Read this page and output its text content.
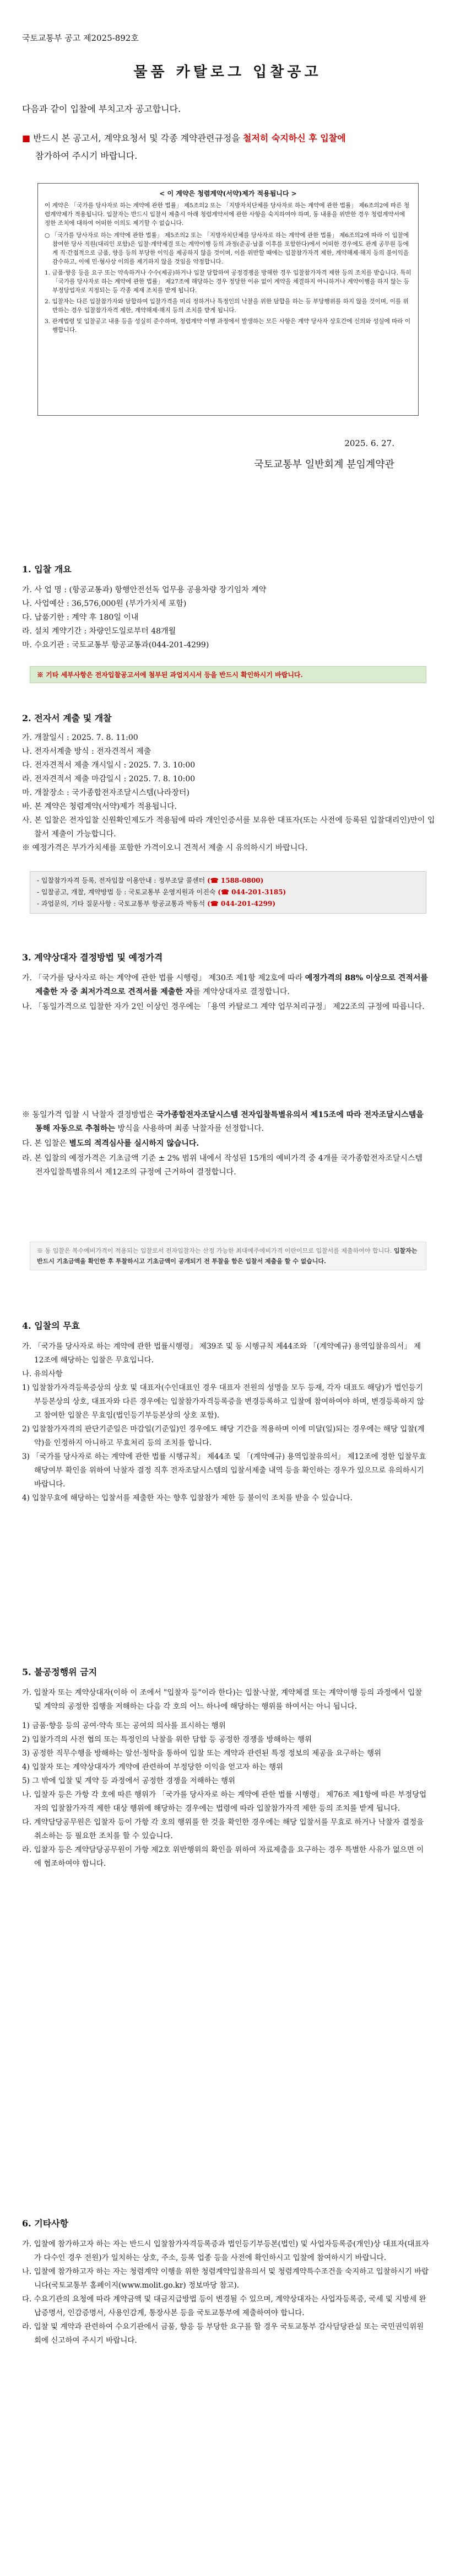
국토교통부 공고 제2025-892호
물품 카탈로그 입찰공고
다음과 같이 입찰에 부치고자 공고합니다.
■ 반드시 본 공고서, 계약요청서 및 각종 계약관련규정을 철저히 숙지하신 후 입찰에
참가하여 주시기 바랍니다.
< 이 계약은 청렴계약(서약)제가 적용됩니다 >

이 계약은 「국가를 당사자로 하는 계약에 관한 법률」 제5조의2 또는 「지방자치단체를 당사자로 하는 계약에 관한 법률」 제6조의2에 따른 청렴계약제가 적용됩니다. 입찰자는 반드시 입찰서 제출시 아래 청렴계약서에 관한 사항을 숙지하여야 하며, 동 내용을 위반한 경우 청렴계약서에 정한 조치에 대하여 어떠한 이의도 제기할 수 없습니다.

○ 「국가를 당사자로 하는 계약에 관한 법률」 제5조의2 또는 「지방자치단체를 당사자로 하는 계약에 관한 법률」 제6조의2에 따라 이 입찰에 참여한 당사 직원(대리인 포함)은 입찰·계약체결 또는 계약이행 등의 과정(준공·납품 이후를 포함한다)에서 어떠한 경우에도 관계 공무원 등에게 직·간접적으로 금품, 향응 등의 부당한 이익을 제공하지 않을 것이며, 이를 위반할 때에는 입찰참가자격 제한, 계약해제·해지 등의 불이익을 감수하고, 이에 민·형사상 이의를 제기하지 않을 것임을 약정합니다.
1. 금품·향응 등을 요구 또는 약속하거나 수수(제공)하거나 입찰 담합하여 공정경쟁을 방해한 경우 입찰참가자격 제한 등의 조치를 받습니다. 특히 「국가를 당사자로 하는 계약에 관한 법률」 제27조에 해당하는 경우 정당한 이유 없이 계약을 체결하지 아니하거나 계약이행을 하지 않는 등 부정당업자로 지정되는 등 각종 제재 조치를 받게 됩니다.
2. 입찰자는 다른 입찰참가자와 담합하여 입찰가격을 미리 정하거나 특정인의 낙찰을 위한 담합을 하는 등 부당행위를 하지 않을 것이며, 이를 위반하는 경우 입찰참가자격 제한, 계약해제·해지 등의 조치를 받게 됩니다.
3. 관계법령 및 입찰공고 내용 등을 성실히 준수하며, 청렴계약 이행 과정에서 발생하는 모든 사항은 계약 당사자 상호간에 신의와 성실에 따라 이행합니다.
2025. 6. 27.
국토교통부 일반회계 분임계약관
1. 입찰 개요
가. 사 업 명 : (항공교통과) 항행안전선독 업무용 공용차량 장기임차 계약
나. 사업예산 : 36,576,000원 (부가가치세 포함)
다. 납품기한 : 계약 후 180일 이내
라. 설치 계약기간 : 차량인도일로부터 48개월
마. 수요기관 : 국토교통부 항공교통과(044-201-4299)
※ 기타 세부사항은 전자입찰공고서에 첨부된 과업지시서 등을 반드시 확인하시기 바랍니다.
2. 전자서 계출 및 개찰
가. 개찰일시 : 2025. 7. 8. 11:00
나. 전자서계출 방식 : 전자견적서 제출
다. 전자견적서 제출 개시일시 : 2025. 7. 3. 10:00
라. 전자견적서 제출 마감일시 : 2025. 7. 8. 10:00
마. 개찰장소 : 국가종합전자조달시스템(나라장터)
바. 본 계약은 청렴계약(서약)제가 적용됩니다.
사. 본 입찰은 전자입찰 신원확인제도가 적용됨에 따라 개인인증서를 보유한 대표자(또는 사전에 등록된 입찰대리인)만이 입찰서 제출이 가능합니다.
※ 예정가격은 부가가치세를 포함한 가격이오니 견적서 제출 시 유의하시기 바랍니다.
- 입찰참가자격 등록, 전자입찰 이용안내 : 정부조달 콜센터 (☎ 1588-0800)
- 입찰공고, 개찰, 계약방법 등 : 국토교통부 운영지원과 이진숙 (☎ 044-201-3185)
- 과업문의, 기타 질문사항 : 국토교통부 항공교통과 박동석 (☎ 044-201-4299)
3. 계약상대자 결정방법 및 예정가격
가. 「국가를 당사자로 하는 계약에 관한 법률 시행령」 제30조 제1항 제2호에 따라 예정가격의 88% 이상으로 견적서를 제출한 자 중 최저가격으로 견적서를 제출한 자를 계약상대자로 결정합니다.
나. 「동일가격으로 입찰한 자가 2인 이상인 경우에는 「용역 카탈로그 계약 업무처리규정」 제22조의 규정에 따릅니다.
※ 동일가격 입찰 시 낙찰자 결정방법은 국가종합전자조달시스템 전자입찰특별유의서 제15조에 따라 전자조달시스템을 통해 자동으로 추첨하는 방식을 사용하며 최종 낙찰자를 선정합니다.
다. 본 입찰은 별도의 적격심사를 실시하지 않습니다.
라. 본 입찰의 예정가격은 기초금액 기준 ± 2% 범위 내에서 작성된 15개의 예비가격 중 4개를 국가종합전자조달시스템 전자입찰특별유의서 제12조의 규정에 근거하여 결정합니다.
※ 동 입찰은 복수예비가격이 적용되는 입찰로서 전자입찰자는 산정 가능한 최대예주에비가격 이란이므로 입찰서를 제출하여야 합니다. 입찰자는 반드시 기초금액을 확인한 후 투찰하시고 기초금액이 공개되기 전 투찰을 함은 입찰서 제출을 할 수 없습니다.
4. 입찰의 무효
가. 「국가를 당사자로 하는 계약에 관한 법률시행령」 제39조 및 동 시행규칙 제44조와 「(계약예규) 용역입찰유의서」 제12조에 해당하는 입찰은 무효입니다.
나. 유의사항
1) 입찰참가자격등록증상의 상호 및 대표자(수인대표인 경우 대표자 전원의 성명을 모두 등재, 각자 대표도 해당)가 법인등기부등본상의 상호, 대표자와 다른 경우에는 입찰참가자격등록증을 변경등록하고 입찰에 참여하여야 하며, 변경등록하지 않고 참여한 입찰은 무효임(법인등기부등본상의 상호 포함).
2) 입찰참가자격의 판단기준일은 마감일(기준일)인 경우에도 해당 기간을 적용하며 이에 미달(일)되는 경우에는 해당 입찰(계약)을 인정하지 아니하고 무효처리 등의 조치를 합니다.
3) 「국가를 당사자로 하는 계약에 관한 법률 시행규칙」 제44조 및 「(계약예규) 용역입찰유의서」 제12조에 정한 입찰무효 해당여부 확인을 위하여 낙찰자 결정 직후 전자조달시스템의 입찰서제출 내역 등을 확인하는 경우가 있으므로 유의하시기 바랍니다.
4) 입찰무효에 해당하는 입찰서를 제출한 자는 향후 입찰참가 제한 등 불이익 조치를 받을 수 있습니다.
5. 불공정행위 금지
가. 입찰자 또는 계약상대자(이하 이 조에서 "입찰자 등"이라 한다)는 입찰·낙찰, 계약체결 또는 계약이행 등의 과정에서 입찰 및 계약의 공정한 집행을 저해하는 다음 각 호의 어느 하나에 해당하는 행위를 하여서는 아니 됩니다.
1) 금품·향응 등의 공여·약속 또는 공여의 의사를 표시하는 행위
2) 입찰가격의 사전 협의 또는 특정인의 낙찰을 위한 담합 등 공정한 경쟁을 방해하는 행위
3) 공정한 직무수행을 방해하는 알선·청탁을 통하여 입찰 또는 계약과 관련된 특정 정보의 제공을 요구하는 행위
4) 입찰자 또는 계약상대자가 계약에 관련하여 부정당한 이익을 얻고자 하는 행위
5) 그 밖에 입찰 및 계약 등 과정에서 공정한 경쟁을 저해하는 행위
나. 입찰자 등은 가항 각 호에 따른 행위가 「국가를 당사자로 하는 계약에 관한 법률 시행령」 제76조 제1항에 따른 부정당업자의 입찰참가자격 제한 대상 행위에 해당하는 경우에는 법령에 따라 입찰참가자격 제한 등의 조치를 받게 됩니다.
다. 계약담당공무원은 입찰자 등이 가항 각 호의 행위를 한 것을 확인한 경우에는 해당 입찰서를 무효로 하거나 낙찰자 결정을 취소하는 등 필요한 조치를 할 수 있습니다.
라. 입찰자 등은 계약담당공무원이 가항 제2호 위반행위의 확인을 위하여 자료제출을 요구하는 경우 특별한 사유가 없으면 이에 협조하여야 합니다.
6. 기타사항
가. 입찰에 참가하고자 하는 자는 반드시 입찰참가자격등록증과 법인등기부등본(법인) 및 사업자등록증(개인)상 대표자(대표자가 다수인 경우 전원)가 일치하는 상호, 주소, 등록 업종 등을 사전에 확인하시고 입찰에 참여하시기 바랍니다.
나. 입찰에 참가하고자 하는 자는 청렴계약 이행을 위한 청렴계약입찰유의서 및 청렴계약특수조건을 숙지하고 입찰하시기 바랍니다(국토교통부 홈페이지(www.molit.go.kr) 정보마당 참고).
다. 수요기관의 요청에 따라 계약금액 및 대금지급방법 등이 변경될 수 있으며, 계약상대자는 사업자등록증, 국세 및 지방세 완납증명서, 인감증명서, 사용인감계, 통장사본 등을 국토교통부에 제출하여야 합니다.
라. 입찰 및 계약과 관련하여 수요기관에서 금품, 향응 등 부당한 요구를 할 경우 국토교통부 감사담당관실 또는 국민권익위원회에 신고하여 주시기 바랍니다.
